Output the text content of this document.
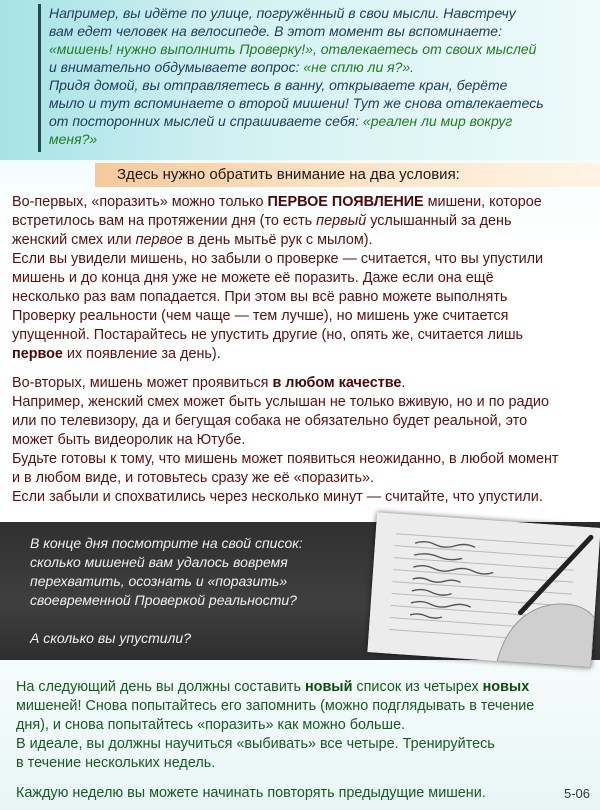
Например, вы идёте по улице, погружённый в свои мысли. Навстречу
вам едет человек на велосипеде. В этот момент вы вспоминаете:
«мишень! нужно выполнить Проверку!», отвлекаетесь от своих мыслей
и внимательно обдумываете вопрос: «не сплю ли я?».
Придя домой, вы отправляетесь в ванну, открываете кран, берёте
мыло и тут вспоминаете о второй мишени! Тут же снова отвлекаетесь
от посторонних мыслей и спрашиваете себя: «реален ли мир вокруг
меня?»
Здесь нужно обратить внимание на два условия:
Во-первых, «поразить» можно только ПЕРВОЕ ПОЯВЛЕНИЕ мишени, которое
встретилось вам на протяжении дня (то есть первый услышанный за день
женский смех или первое в день мытьё рук с мылом).
Если вы увидели мишень, но забыли о проверке — считается, что вы упустили
мишень и до конца дня уже не можете её поразить. Даже если она ещё
несколько раз вам попадается. При этом вы всё равно можете выполнять
Проверку реальности (чем чаще — тем лучше), но мишень уже считается
упущенной. Постарайтесь не упустить другие (но, опять же, считается лишь
первое их появление за день).
Во-вторых, мишень может проявиться в любом качестве.
Например, женский смех может быть услышан не только вживую, но и по радио
или по телевизору, да и бегущая собака не обязательно будет реальной, это
может быть видеоролик на Ютубе.
Будьте готовы к тому, что мишень может появиться неожиданно, в любой момент
и в любом виде, и готовьтесь сразу же её «поразить».
Если забыли и спохватились через несколько минут — считайте, что упустили.
В конце дня посмотрите на свой список:
сколько мишеней вам удалось вовремя
перехватить, осознать и «поразить»
своевременной Проверкой реальности?
А сколько вы упустили?
На следующий день вы должны составить новый список из четырех новых
мишеней! Снова попытайтесь его запомнить (можно подглядывать в течение
дня), и снова попытайтесь «поразить» как можно больше.
В идеале, вы должны научиться «выбивать» все четыре. Тренируйтесь
в течение нескольких недель.
Каждую неделю вы можете начинать повторять предыдущие мишени.	5-06
